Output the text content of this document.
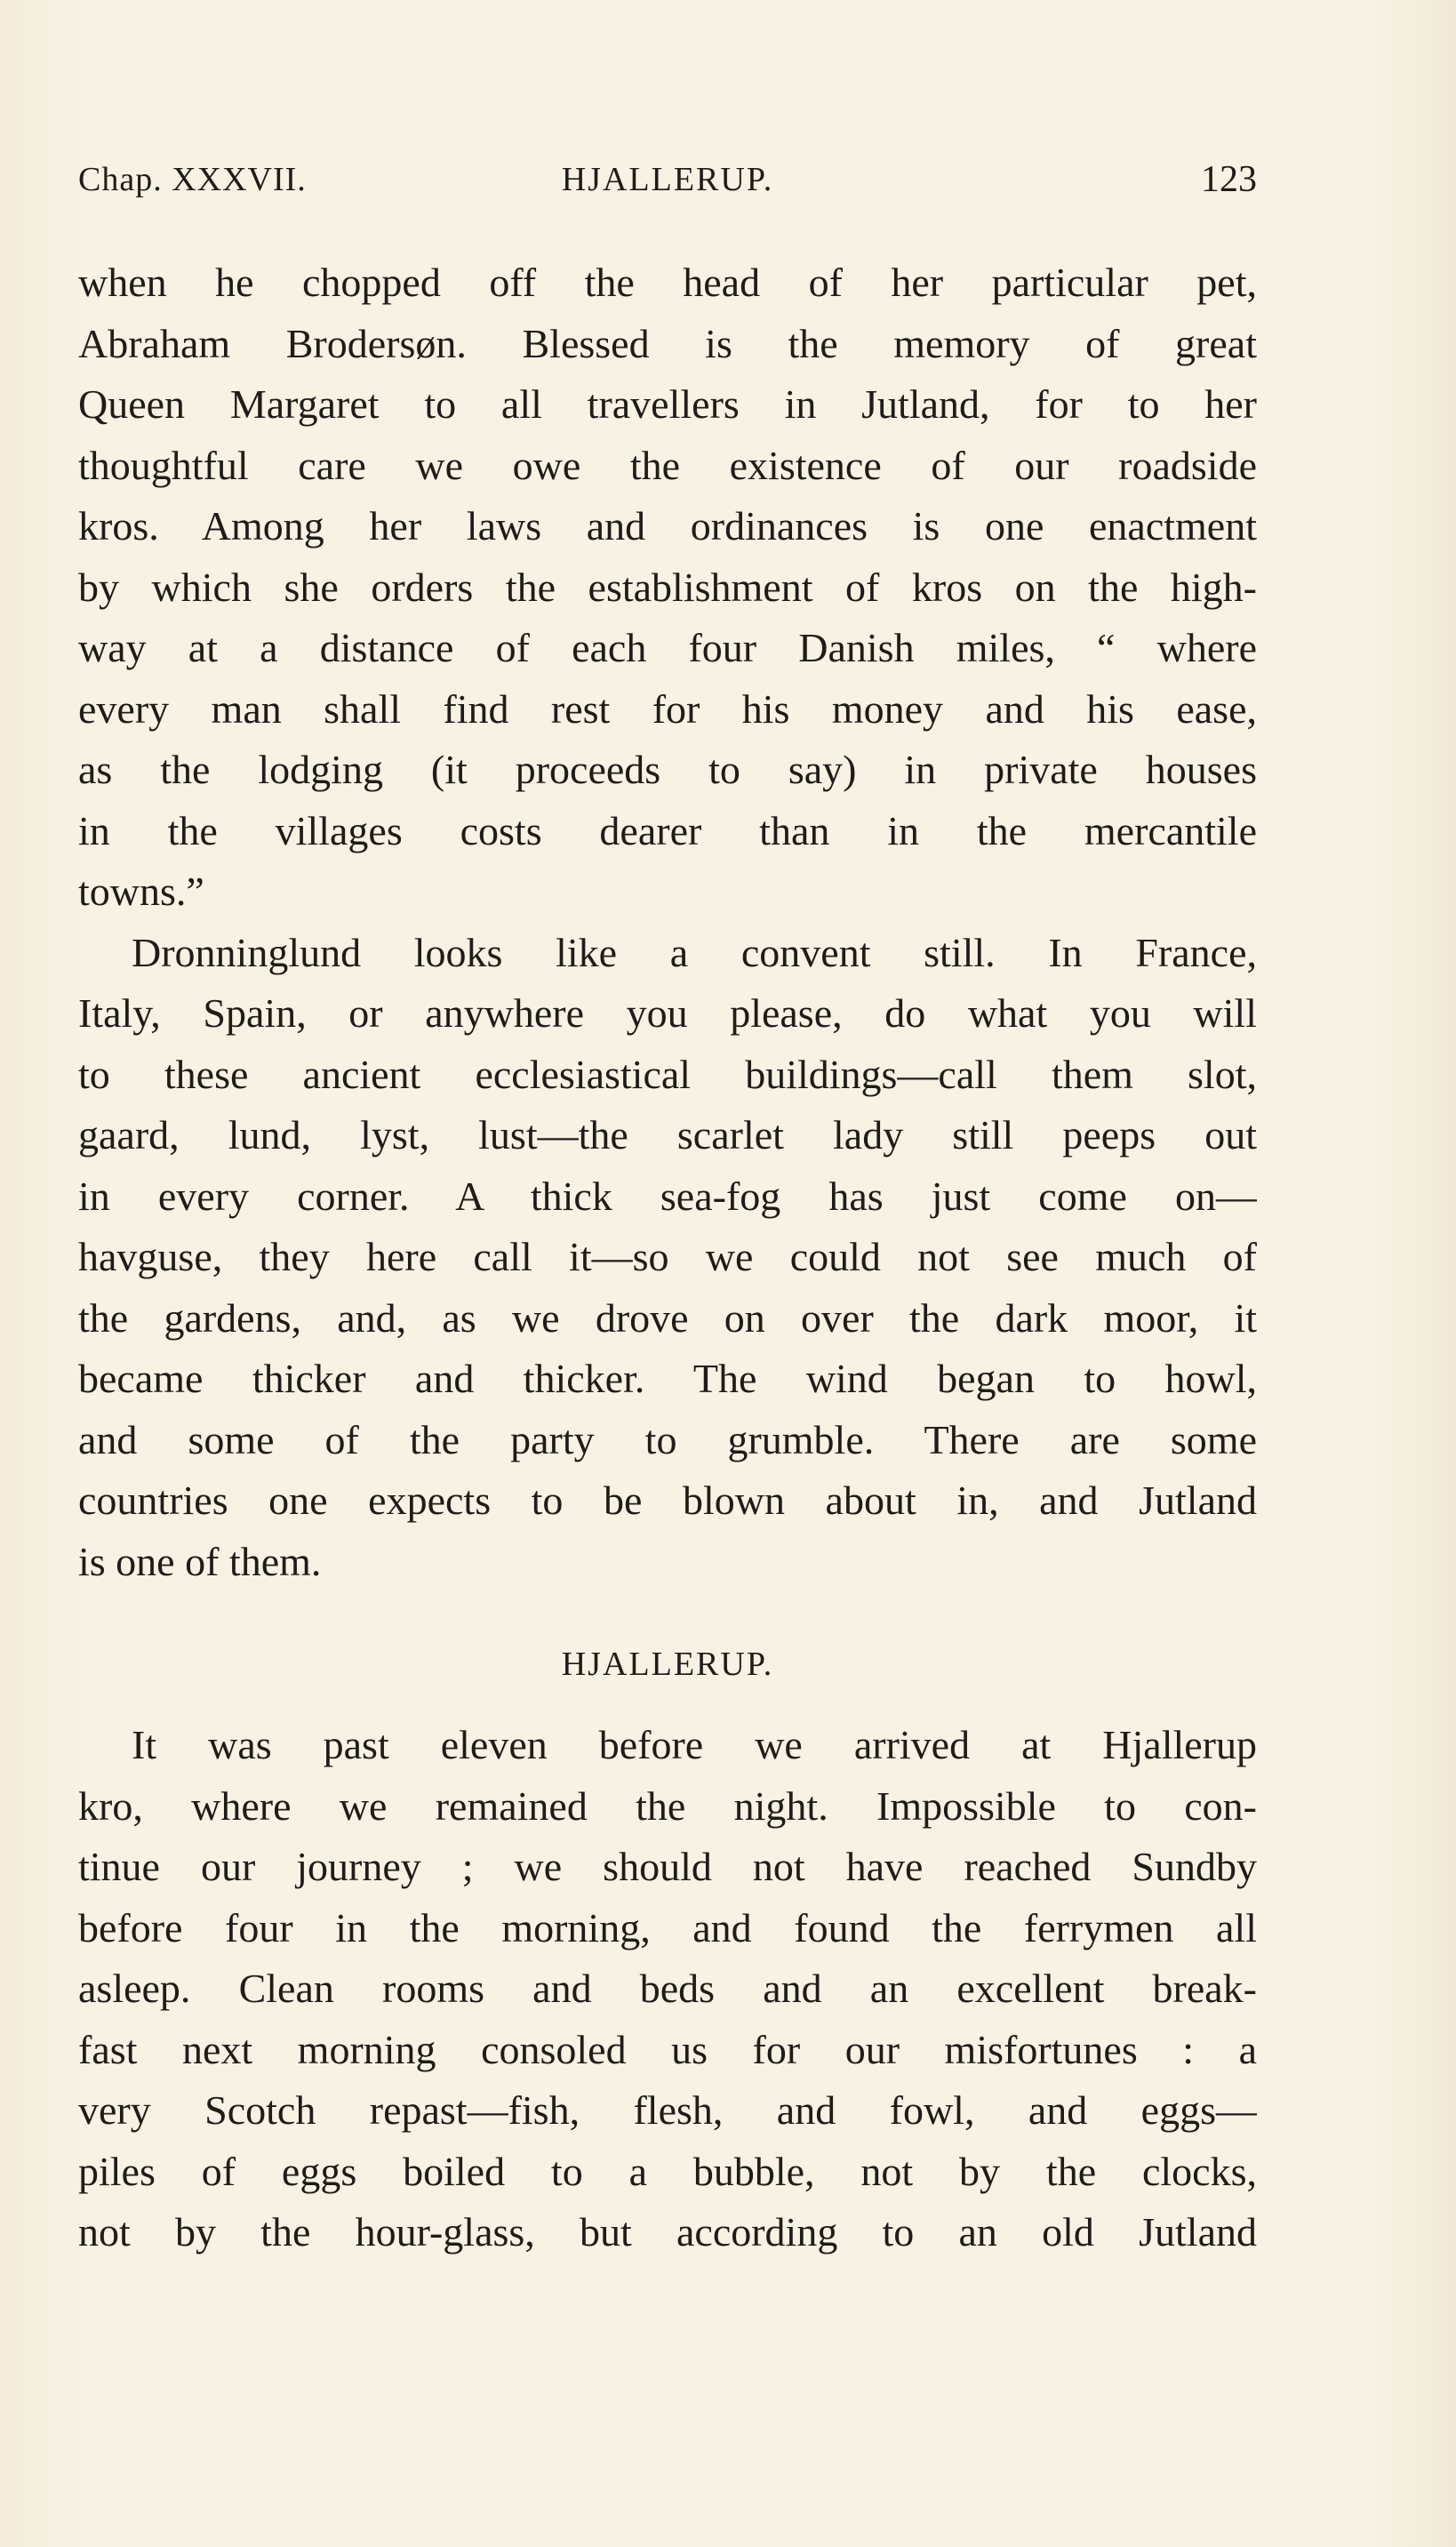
Chap. XXXVII.	HJALLERUP.	123
when he chopped off the head of her particular pet,
Abraham Brodersøn. Blessed is the memory of great
Queen Margaret to all travellers in Jutland, for to her
thoughtful care we owe the existence of our roadside
kros. Among her laws and ordinances is one enactment
by which she orders the establishment of kros on the high-
way at a distance of each four Danish miles, “ where
every man shall find rest for his money and his ease,
as the lodging (it proceeds to say) in private houses
in the villages costs dearer than in the mercantile
towns.”
Dronninglund looks like a convent still. In France,
Italy, Spain, or anywhere you please, do what you will
to these ancient ecclesiastical buildings—call them slot,
gaard, lund, lyst, lust—the scarlet lady still peeps out
in every corner. A thick sea-fog has just come on—
havguse, they here call it—so we could not see much of
the gardens, and, as we drove on over the dark moor, it
became thicker and thicker. The wind began to howl,
and some of the party to grumble. There are some
countries one expects to be blown about in, and Jutland
is one of them.
HJALLERUP.
It was past eleven before we arrived at Hjallerup
kro, where we remained the night. Impossible to con-
tinue our journey ; we should not have reached Sundby
before four in the morning, and found the ferrymen all
asleep. Clean rooms and beds and an excellent break-
fast next morning consoled us for our misfortunes : a
very Scotch repast—fish, flesh, and fowl, and eggs—
piles of eggs boiled to a bubble, not by the clocks,
not by the hour-glass, but according to an old Jutland
